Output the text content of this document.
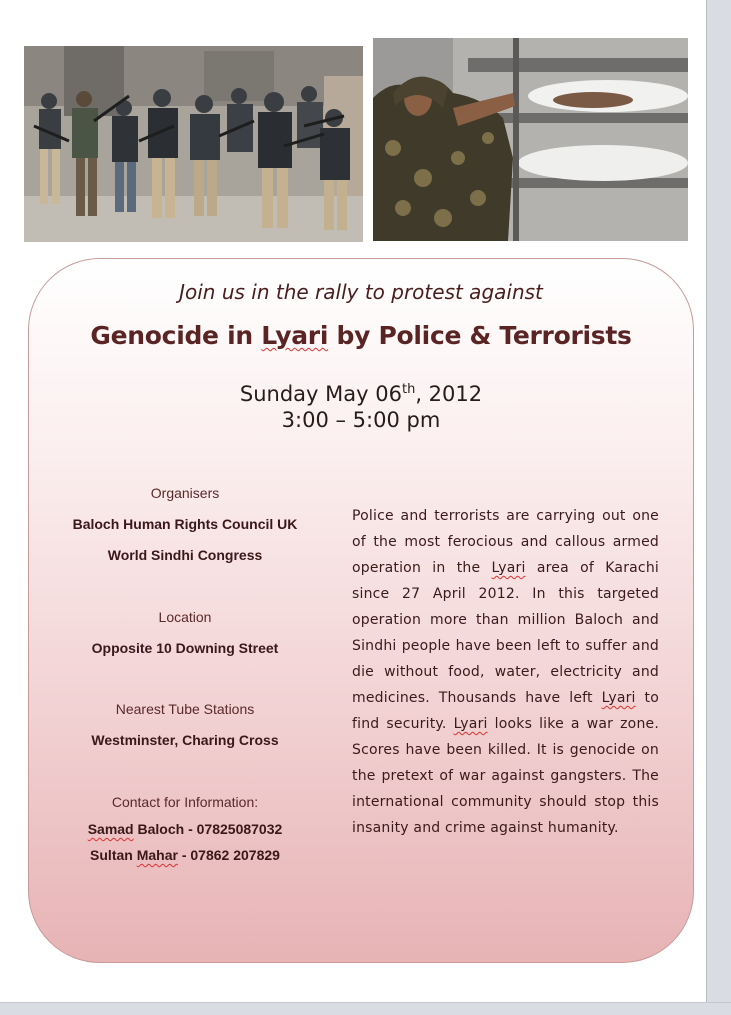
Join us in the rally to protest against
Genocide in Lyari by Police & Terrorists
Sunday May 06th, 2012
3:00 – 5:00 pm
Organisers
Baloch Human Rights Council UK
World Sindhi Congress
Location
Opposite 10 Downing Street
Nearest Tube Stations
Westminster, Charing Cross
Contact for Information:
Samad Baloch - 07825087032
Sultan Mahar - 07862 207829
Police and terrorists are carrying out one of the most ferocious and callous armed operation in the Lyari area of Karachi since 27 April 2012. In this targeted operation more than million Baloch and Sindhi people have been left to suffer and die without food, water, electricity and medicines. Thousands have left Lyari to find security. Lyari looks like a war zone. Scores have been killed. It is genocide on the pretext of war against gangsters. The international community should stop this insanity and crime against humanity.
